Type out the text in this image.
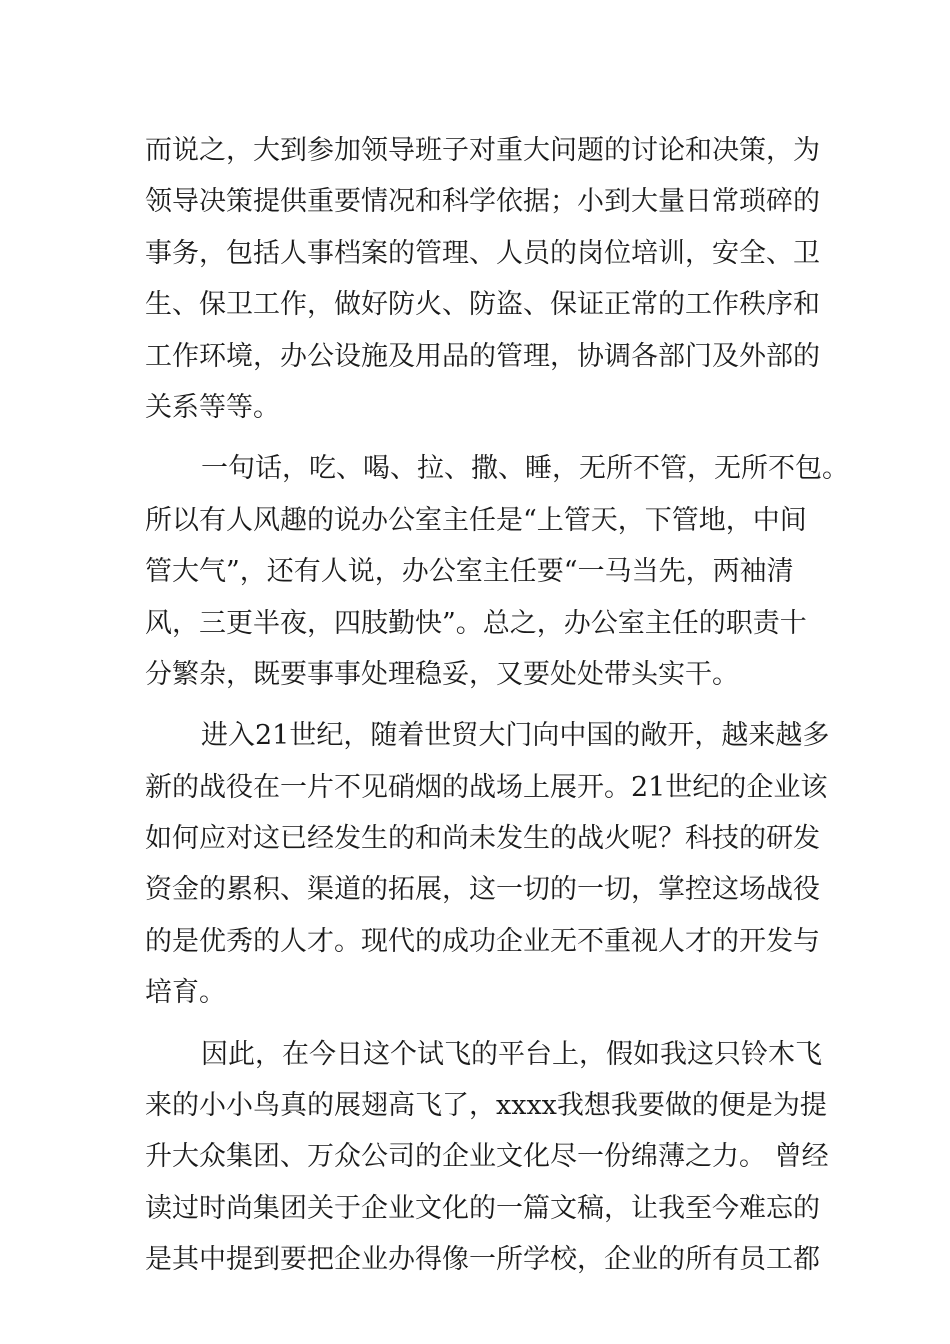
而说之，大到参加领导班子对重大问题的讨论和决策，为
领导决策提供重要情况和科学依据；小到大量日常琐碎的
事务，包括人事档案的管理、人员的岗位培训，安全、卫
生、保卫工作，做好防火、防盗、保证正常的工作秩序和
工作环境，办公设施及用品的管理，协调各部门及外部的
关系等等。
一句话，吃、喝、拉、撒、睡，无所不管，无所不包。
所以有人风趣的说办公室主任是“上管天，下管地，中间
管大气”，还有人说，办公室主任要“一马当先，两袖清
风，三更半夜，四肢勤快”。总之，办公室主任的职责十
分繁杂，既要事事处理稳妥，又要处处带头实干。
进入21世纪，随着世贸大门向中国的敞开，越来越多
新的战役在一片不见硝烟的战场上展开。21世纪的企业该
如何应对这已经发生的和尚未发生的战火呢？科技的研发
资金的累积、渠道的拓展，这一切的一切，掌控这场战役
的是优秀的人才。现代的成功企业无不重视人才的开发与
培育。
因此，在今日这个试飞的平台上，假如我这只铃木飞
来的小小鸟真的展翅高飞了，xxxx我想我要做的便是为提
升大众集团、万众公司的企业文化尽一份绵薄之力。 曾经
读过时尚集团关于企业文化的一篇文稿，让我至今难忘的
是其中提到要把企业办得像一所学校，企业的所有员工都
